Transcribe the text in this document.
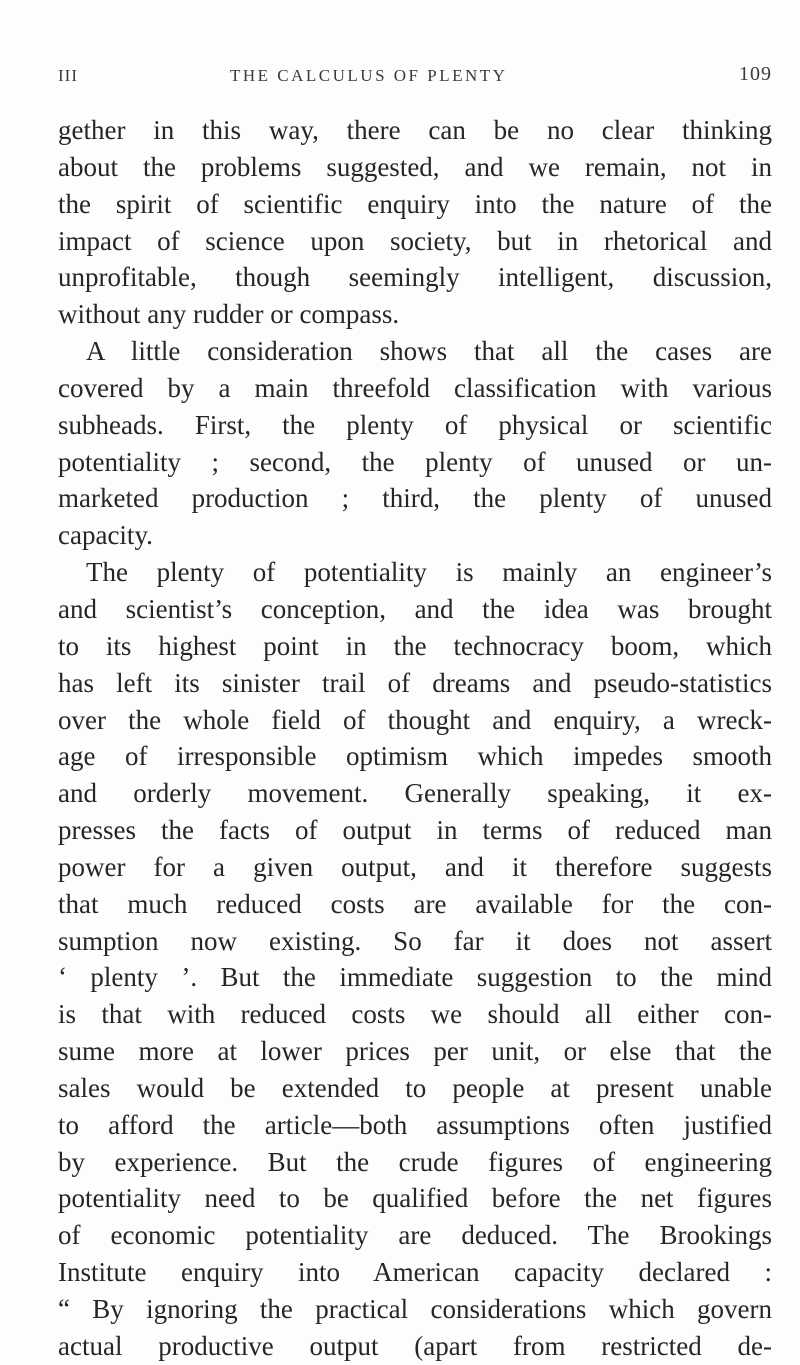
III	THE CALCULUS OF PLENTY	109
gether in this way, there can be no clear thinking
about the problems suggested, and we remain, not in
the spirit of scientific enquiry into the nature of the
impact of science upon society, but in rhetorical and
unprofitable, though seemingly intelligent, discussion,
without any rudder or compass.
A little consideration shows that all the cases are
covered by a main threefold classification with various
subheads. First, the plenty of physical or scientific
potentiality ; second, the plenty of unused or un-
marketed production ; third, the plenty of unused
capacity.
The plenty of potentiality is mainly an engineer’s
and scientist’s conception, and the idea was brought
to its highest point in the technocracy boom, which
has left its sinister trail of dreams and pseudo-statistics
over the whole field of thought and enquiry, a wreck-
age of irresponsible optimism which impedes smooth
and orderly movement. Generally speaking, it ex-
presses the facts of output in terms of reduced man
power for a given output, and it therefore suggests
that much reduced costs are available for the con-
sumption now existing. So far it does not assert
‘ plenty ’. But the immediate suggestion to the mind
is that with reduced costs we should all either con-
sume more at lower prices per unit, or else that the
sales would be extended to people at present unable
to afford the article—both assumptions often justified
by experience. But the crude figures of engineering
potentiality need to be qualified before the net figures
of economic potentiality are deduced. The Brookings
Institute enquiry into American capacity declared :
“ By ignoring the practical considerations which govern
actual productive output (apart from restricted de-
